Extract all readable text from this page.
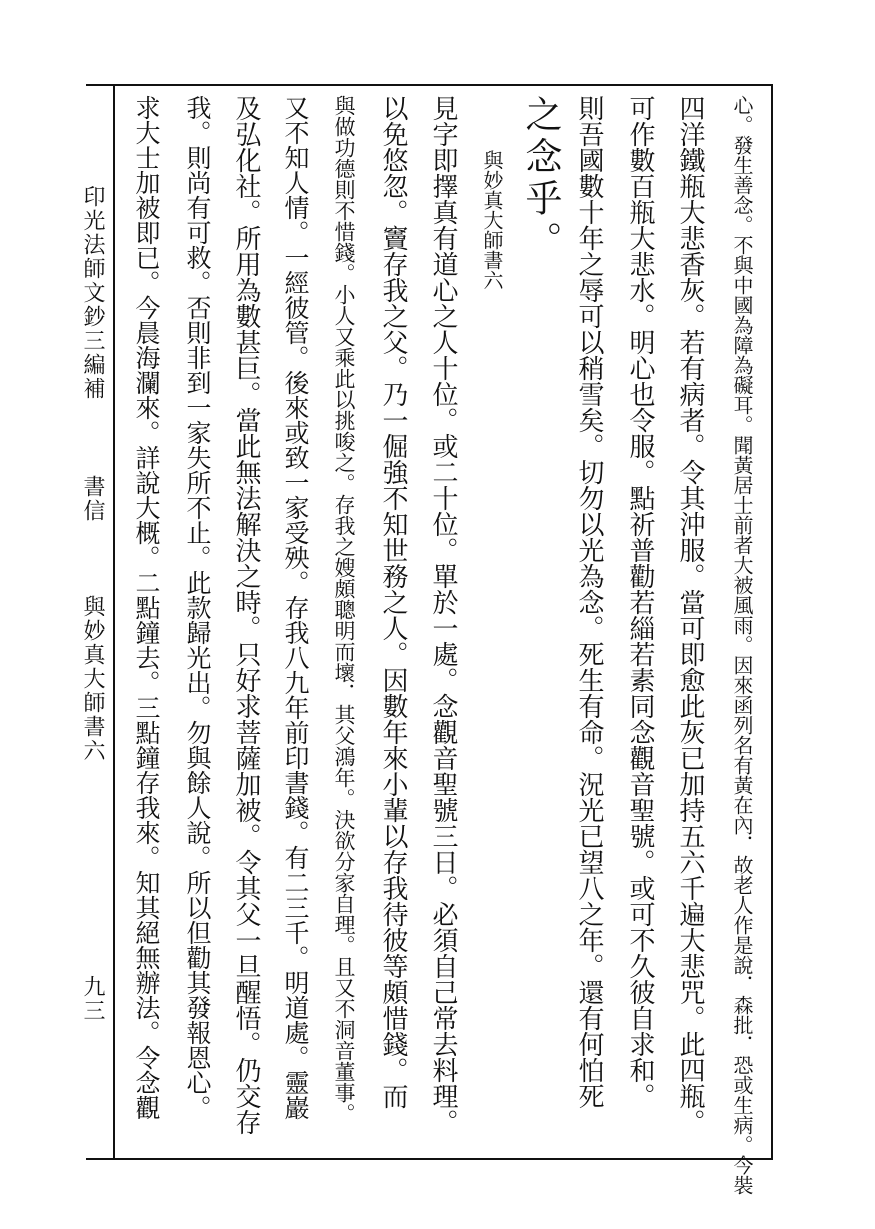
印光法師文鈔三編補
書信
與妙真大師書六
九三	心。發生善念。不與中國為障為礙耳。聞黃居士前者大被風雨。因來函列名有黃在內．故老人作是說．森批．恐或生病。今裝
四洋鐵瓶大悲香灰。若有病者。令其沖服。當可即愈此灰已加持五六千遍大悲咒。此四瓶。
可作數百瓶大悲水。明心也令服。點祈普勸若緇若素同念觀音聖號。或可不久彼自求和。
則吾國數十年之辱可以稍雪矣。切勿以光為念。死生有命。況光已望八之年。還有何怕死
之念乎。
與妙真大師書六
見字即擇真有道心之人十位。或二十位。單於一處。念觀音聖號三日。必須自己常去料理。
以免悠忽。竇存我之父。乃一倔強不知世務之人。因數年來小輩以存我待彼等頗惜錢。而
與做功德則不惜錢。小人又乘此以挑唆之。存我之嫂頗聰明而壞．其父鴻年。決欲分家自理。且又不洞音董事。
又不知人情。一經彼管。後來或致一家受殃。存我八九年前印書錢。有二三千。明道處。靈巖
及弘化社。所用為數甚巨。當此無法解決之時。只好求菩薩加被。令其父一旦醒悟。仍交存
我。則尚有可救。否則非到一家失所不止。此款歸光出。勿與餘人說。所以但勸其發報恩心。
求大士加被即已。今晨海瀾來。詳說大概。二點鐘去。三點鐘存我來。知其絕無辦法。令念觀
